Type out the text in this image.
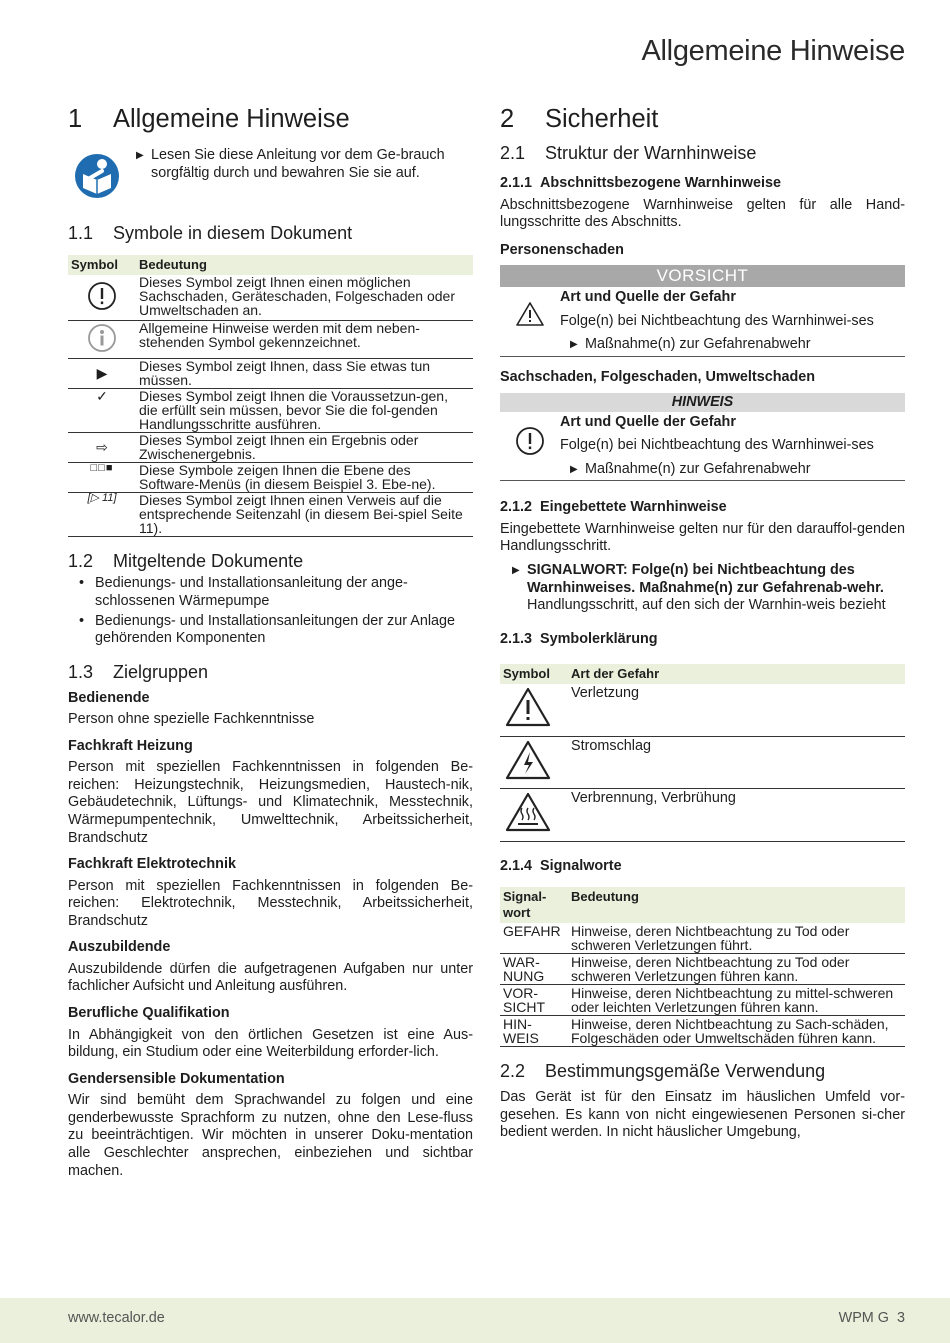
Allgemeine Hinweise
1	Allgemeine Hinweise
▶ Lesen Sie diese Anleitung vor dem Ge-brauch sorgfältig durch und bewahren Sie sie auf.

1.1	Symbole in diesem Dokument
Symbol	Bedeutung
	Dieses Symbol zeigt Ihnen einen möglichen Sachschaden, Geräteschaden, Folgeschaden oder Umweltschaden an.
	Allgemeine Hinweise werden mit dem neben-stehenden Symbol gekennzeichnet.
▶	Dieses Symbol zeigt Ihnen, dass Sie etwas tun müssen.
✓	Dieses Symbol zeigt Ihnen die Voraussetzun-gen, die erfüllt sein müssen, bevor Sie die fol-genden Handlungsschritte ausführen.
⇨	Dieses Symbol zeigt Ihnen ein Ergebnis oder Zwischenergebnis.
□□■	Diese Symbole zeigen Ihnen die Ebene des Software-Menüs (in diesem Beispiel 3. Ebe-ne).
[▷ 11]	Dieses Symbol zeigt Ihnen einen Verweis auf die entsprechende Seitenzahl (in diesem Bei-spiel Seite 11).
1.2	Mitgeltende Dokumente
• Bedienungs- und Installationsanleitung der ange-schlossenen Wärmepumpe

• Bedienungs- und Installationsanleitungen der zur Anlage gehörenden Komponenten

1.3	Zielgruppen
Bedienende

Person ohne spezielle Fachkenntnisse

Fachkraft Heizung

Person mit speziellen Fachkenntnissen in folgenden Be-reichen: Heizungstechnik, Heizungsmedien, Haustech-nik, Gebäudetechnik, Lüftungs- und Klimatechnik, Messtechnik, Wärmepumpentechnik, Umwelttechnik, Arbeitssicherheit, Brandschutz

Fachkraft Elektrotechnik

Person mit speziellen Fachkenntnissen in folgenden Be-reichen: Elektrotechnik, Messtechnik, Arbeitssicherheit, Brandschutz

Auszubildende

Auszubildende dürfen die aufgetragenen Aufgaben nur unter fachlicher Aufsicht und Anleitung ausführen.

Berufliche Qualifikation

In Abhängigkeit von den örtlichen Gesetzen ist eine Aus-bildung, ein Studium oder eine Weiterbildung erforder-lich.

Gendersensible Dokumentation

Wir sind bemüht dem Sprachwandel zu folgen und eine genderbewusste Sprachform zu nutzen, ohne den Lese-fluss zu beeinträchtigen. Wir möchten in unserer Doku-mentation alle Geschlechter ansprechen, einbeziehen und sichtbar machen.

2	Sicherheit
2.1	Struktur der Warnhinweise
2.1.1 Abschnittsbezogene Warnhinweise

Abschnittsbezogene Warnhinweise gelten für alle Hand-lungsschritte des Abschnitts.

Personenschaden
VORSICHT
Art und Quelle der Gefahr

Folge(n) bei Nichtbeachtung des Warnhinwei-ses

▶ Maßnahme(n) zur Gefahrenabwehr

Sachschaden, Folgeschaden, Umweltschaden
HINWEIS
Art und Quelle der Gefahr

Folge(n) bei Nichtbeachtung des Warnhinwei-ses

▶ Maßnahme(n) zur Gefahrenabwehr

2.1.2 Eingebettete Warnhinweise

Eingebettete Warnhinweise gelten nur für den darauffol-genden Handlungsschritt.

▶ SIGNALWORT: Folge(n) bei Nichtbeachtung des Warnhinweises. Maßnahme(n) zur Gefahrenab-wehr. Handlungsschritt, auf den sich der Warnhin-weis bezieht

2.1.3 Symbolerklärung
Symbol	Art der Gefahr
	Verletzung
	Stromschlag
	Verbrennung, Verbrühung
2.1.4 Signalworte
Signal-wort	Bedeutung
GEFAHR	Hinweise, deren Nichtbeachtung zu Tod oder schweren Verletzungen führt.
WAR-NUNG	Hinweise, deren Nichtbeachtung zu Tod oder schweren Verletzungen führen kann.
VOR-SICHT	Hinweise, deren Nichtbeachtung zu mittel-schweren oder leichten Verletzungen führen kann.
HIN-WEIS	Hinweise, deren Nichtbeachtung zu Sach-schäden, Folgeschäden oder Umweltschäden führen kann.
2.2	Bestimmungsgemäße Verwendung

Das Gerät ist für den Einsatz im häuslichen Umfeld vor-gesehen. Es kann von nicht eingewiesenen Personen si-cher bedient werden. In nicht häuslicher Umgebung,

www.tecalor.de	WPM G 3
